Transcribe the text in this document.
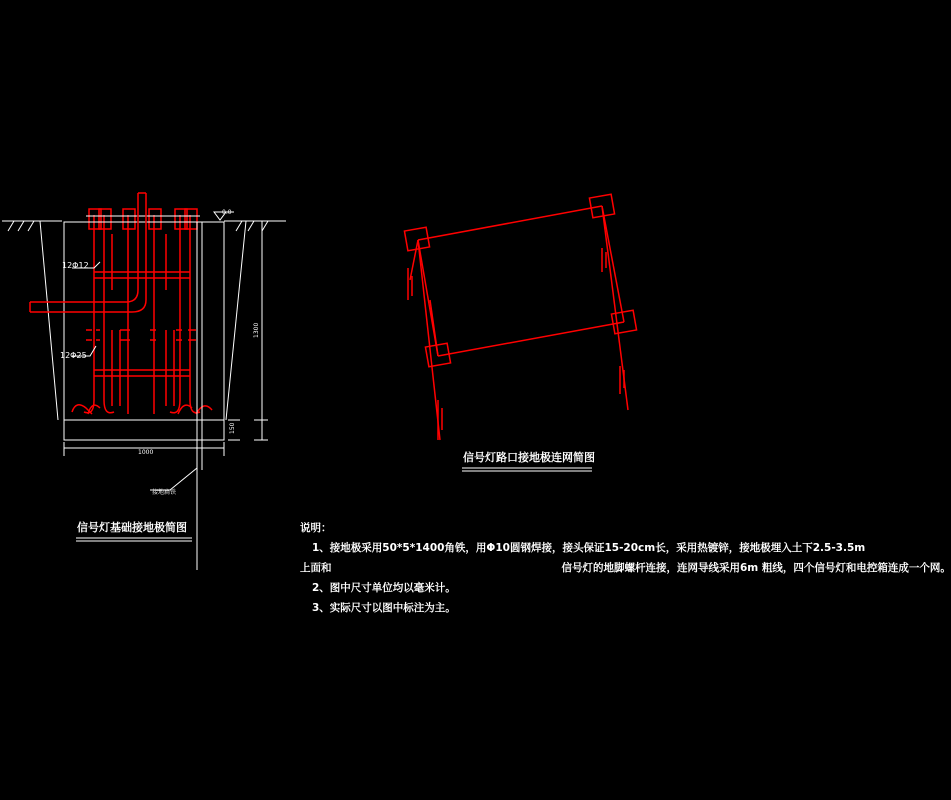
0.0
12Φ12
12Φ25
1300
150
1000
接地扁铁
信号灯基础接地极简图
信号灯路口接地极连网简图
说明：
1、接地极采用50*5*1400角铁，用Φ10圆钢焊接，接头保证15-20cm长，采用热镀锌，接地极埋入土下2.5-3.5m
上面和	信号灯的地脚螺杆连接，连网导线采用6m 粗线，四个信号灯和电控箱连成一个网。
2、图中尺寸单位均以毫米计。
3、实际尺寸以图中标注为主。
